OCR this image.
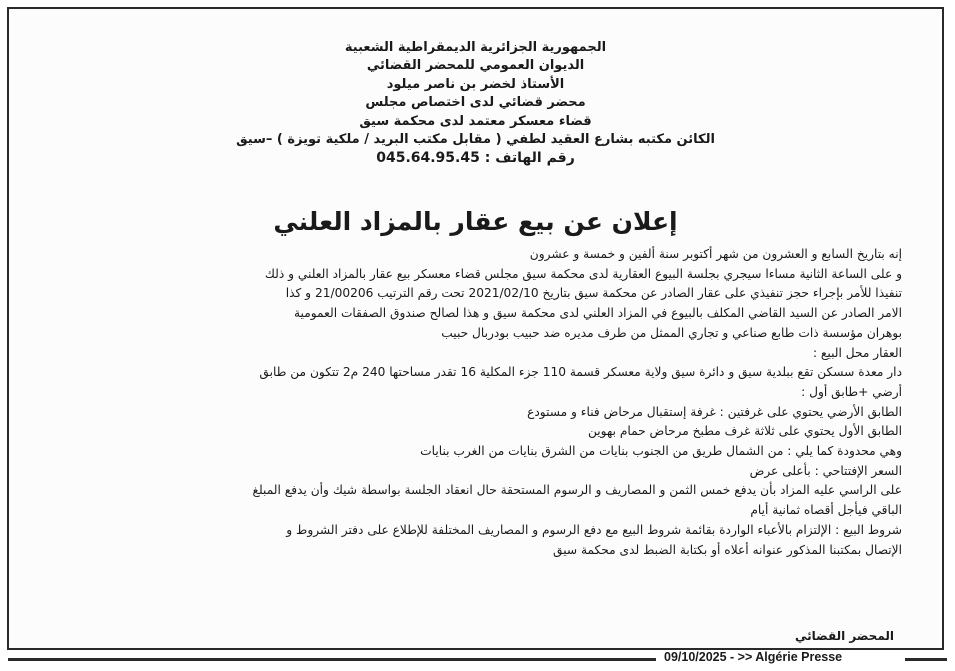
الجمهورية الجزائرية الديمقراطية الشعبية
الديوان العمومي للمحضر القضائي
الأستاذ لخضر بن ناصر ميلود
محضر قضائي لدى اختصاص مجلس
قضاء معسكر معتمد لدى محكمة سيق
الكائن مكتبه بشارع العقيد لطفي ( مقابل مكتب البريد / ملكية تويزة ) –سيق
رقم الهاتف : 045.64.95.45
إعلان عن بيع عقار بالمزاد العلني
إنه بتاريخ السابع و العشرون من شهر أكتوبر سنة ألفين و خمسة و عشرون
و على الساعة الثانية مساءا سيجري بجلسة البيوع العقارية لدى محكمة سيق مجلس قضاء معسكر بيع عقار بالمزاد العلني و ذلك
تنفيذا للأمر بإجراء حجز تنفيذي على عقار الصادر عن محكمة سيق بتاريخ 2021/02/10 تحت رقم الترتيب 21/00206 و كذا
الامر الصادر عن السيد القاضي المكلف بالبيوع في المزاد العلني لدى محكمة سيق و هذا لصالح صندوق الصفقات العمومية
بوهران مؤسسة ذات طابع صناعي و تجاري الممثل من طرف مديره ضد حبيب بودربال حبيب
العقار محل البيع :
دار معدة سسكن تقع ببلدية سيق و دائرة سيق ولاية معسكر قسمة 110 جزء المكلية 16 تقدر مساحتها 240 م2 تتكون من طابق
أرضي +طابق أول :
الطابق الأرضي يحتوي على غرفتين : غرفة إستقبال مرحاض فناء و مستودع
الطابق الأول يحتوي على ثلاثة غرف مطبخ مرحاض حمام بهوين
وهي محدودة كما يلي : من الشمال طريق من الجنوب بنايات من الشرق بنايات من الغرب بنايات
السعر الإفتتاحي : بأعلى عرض
على الراسي عليه المزاد بأن يدفع خمس الثمن و المصاريف و الرسوم المستحقة حال انعقاد الجلسة بواسطة شيك وأن يدفع المبلغ
الباقي فيأجل أقصاه ثمانية أيام
شروط البيع : الإلتزام بالأعباء الواردة بقائمة شروط البيع مع دفع الرسوم و المصاريف المختلفة للإطلاع على دفتر الشروط و
الإتصال بمكتبنا المذكور عنوانه أعلاه أو بكتابة الضبط لدى محكمة سيق
المحضر القضائي
09/10/2025 - >> Algérie Presse
